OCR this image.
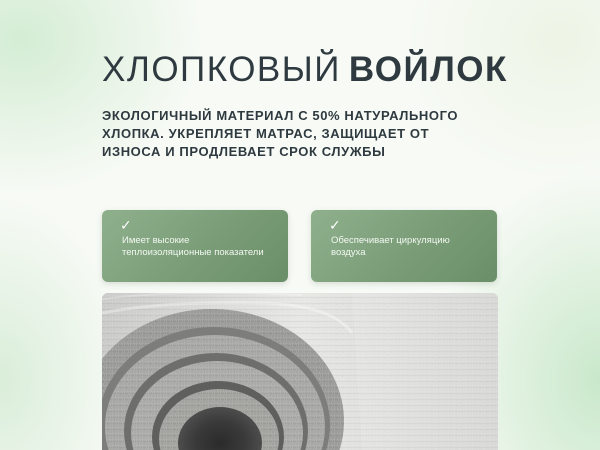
ХЛОПКОВЫЙ ВОЙЛОК

ЭКОЛОГИЧНЫЙ МАТЕРИАЛ С 50% НАТУРАЛЬНОГО ХЛОПКА. УКРЕПЛЯЕТ МАТРАС, ЗАЩИЩАЕТ ОТ ИЗНОСА И ПРОДЛЕВАЕТ СРОК СЛУЖБЫ

✓
Имеет высокие теплоизоляционные показатели
✓
Обеспечивает циркуляцию воздуха
